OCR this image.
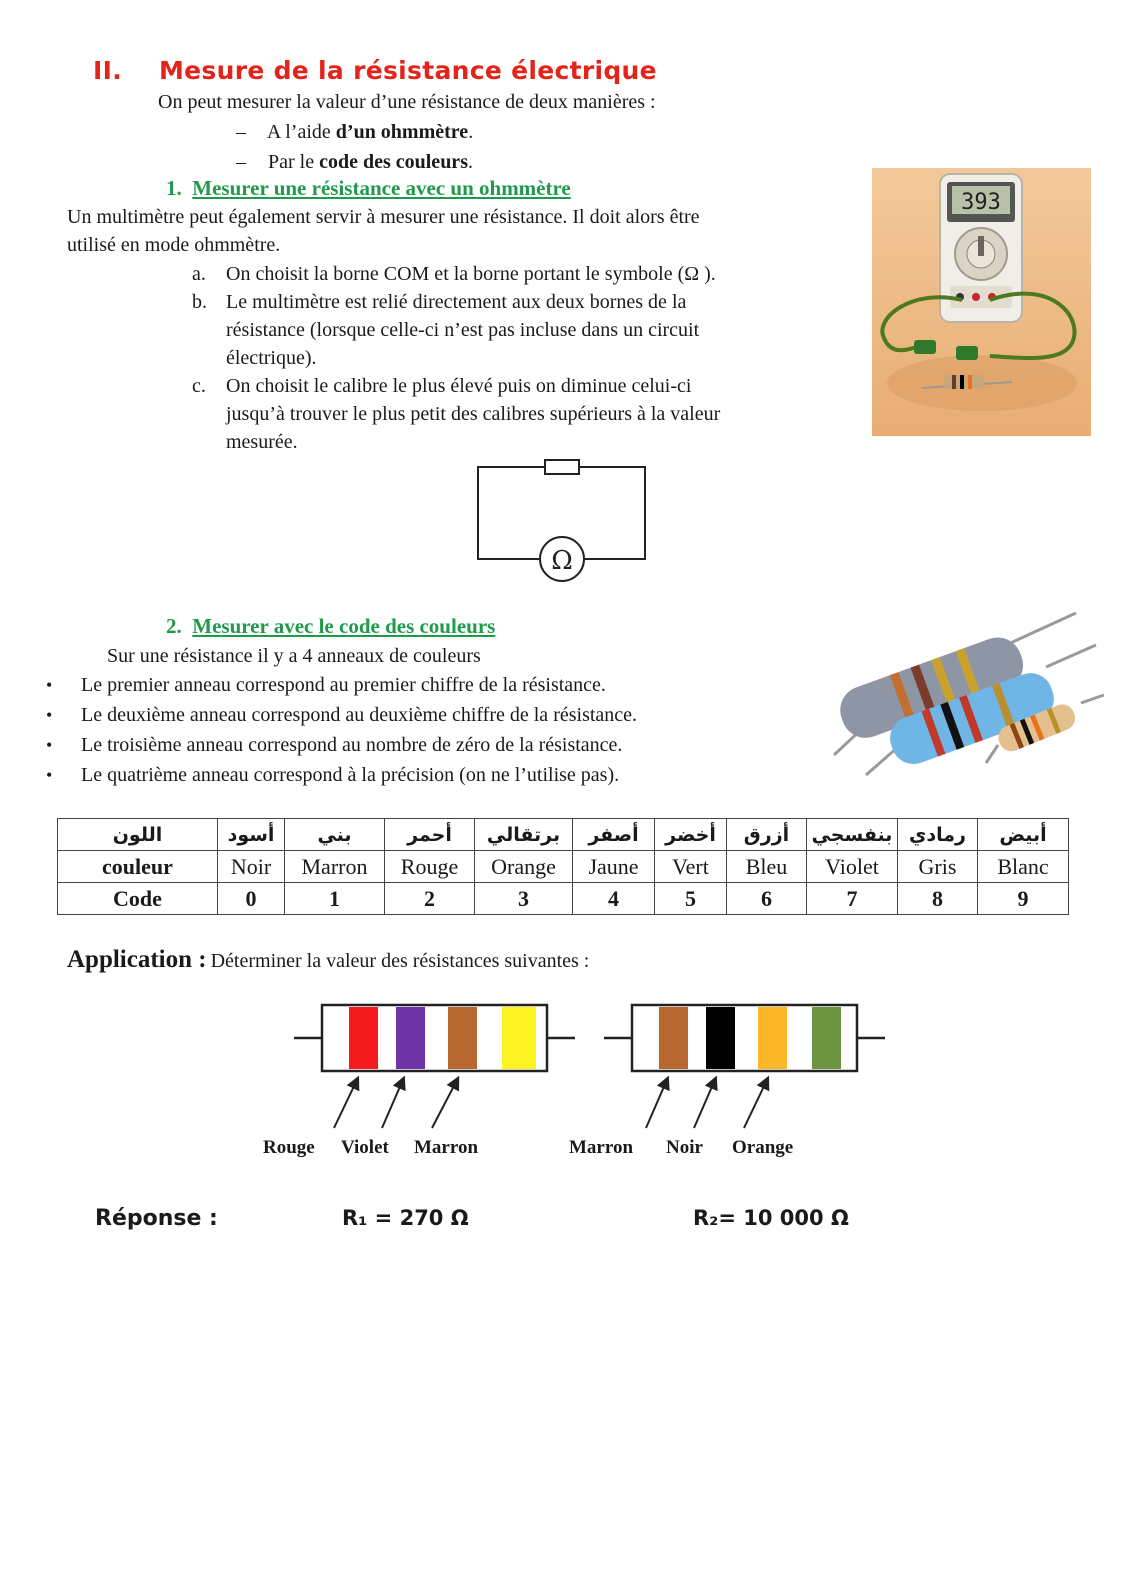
II. Mesure de la résistance électrique
On peut mesurer la valeur d’une résistance de deux manières :
– A l’aide d’un ohmmètre.
– Par le code des couleurs.
1. Mesurer une résistance avec un ohmmètre
Un multimètre peut également servir à mesurer une résistance. Il doit alors être
utilisé en mode ohmmètre.
a. On choisit la borne COM et la borne portant le symbole (Ω ).
b. Le multimètre est relié directement aux deux bornes de la
résistance (lorsque celle-ci n’est pas incluse dans un circuit
électrique).
c. On choisit le calibre le plus élevé puis on diminue celui-ci
jusqu’à trouver le plus petit des calibres supérieurs à la valeur
mesurée.
393
Ω
2. Mesurer avec le code des couleurs
Sur une résistance il y a 4 anneaux de couleurs
• Le premier anneau correspond au premier chiffre de la résistance.
• Le deuxième anneau correspond au deuxième chiffre de la résistance.
• Le troisième anneau correspond au nombre de zéro de la résistance.
• Le quatrième anneau correspond à la précision (on ne l’utilise pas).
اللون	أسود	بني	أحمر	برتقالي	أصفر	أخضر	أزرق	بنفسجي	رمادي	أبيض
couleur	Noir	Marron	Rouge	Orange	Jaune	Vert	Bleu	Violet	Gris	Blanc
Code	0	1	2	3	4	5	6	7	8	9
Application : Déterminer la valeur des résistances suivantes :
Rouge Violet Marron	Marron Noir Orange
Réponse :	R₁ = 270 Ω	R₂= 10 000 Ω
